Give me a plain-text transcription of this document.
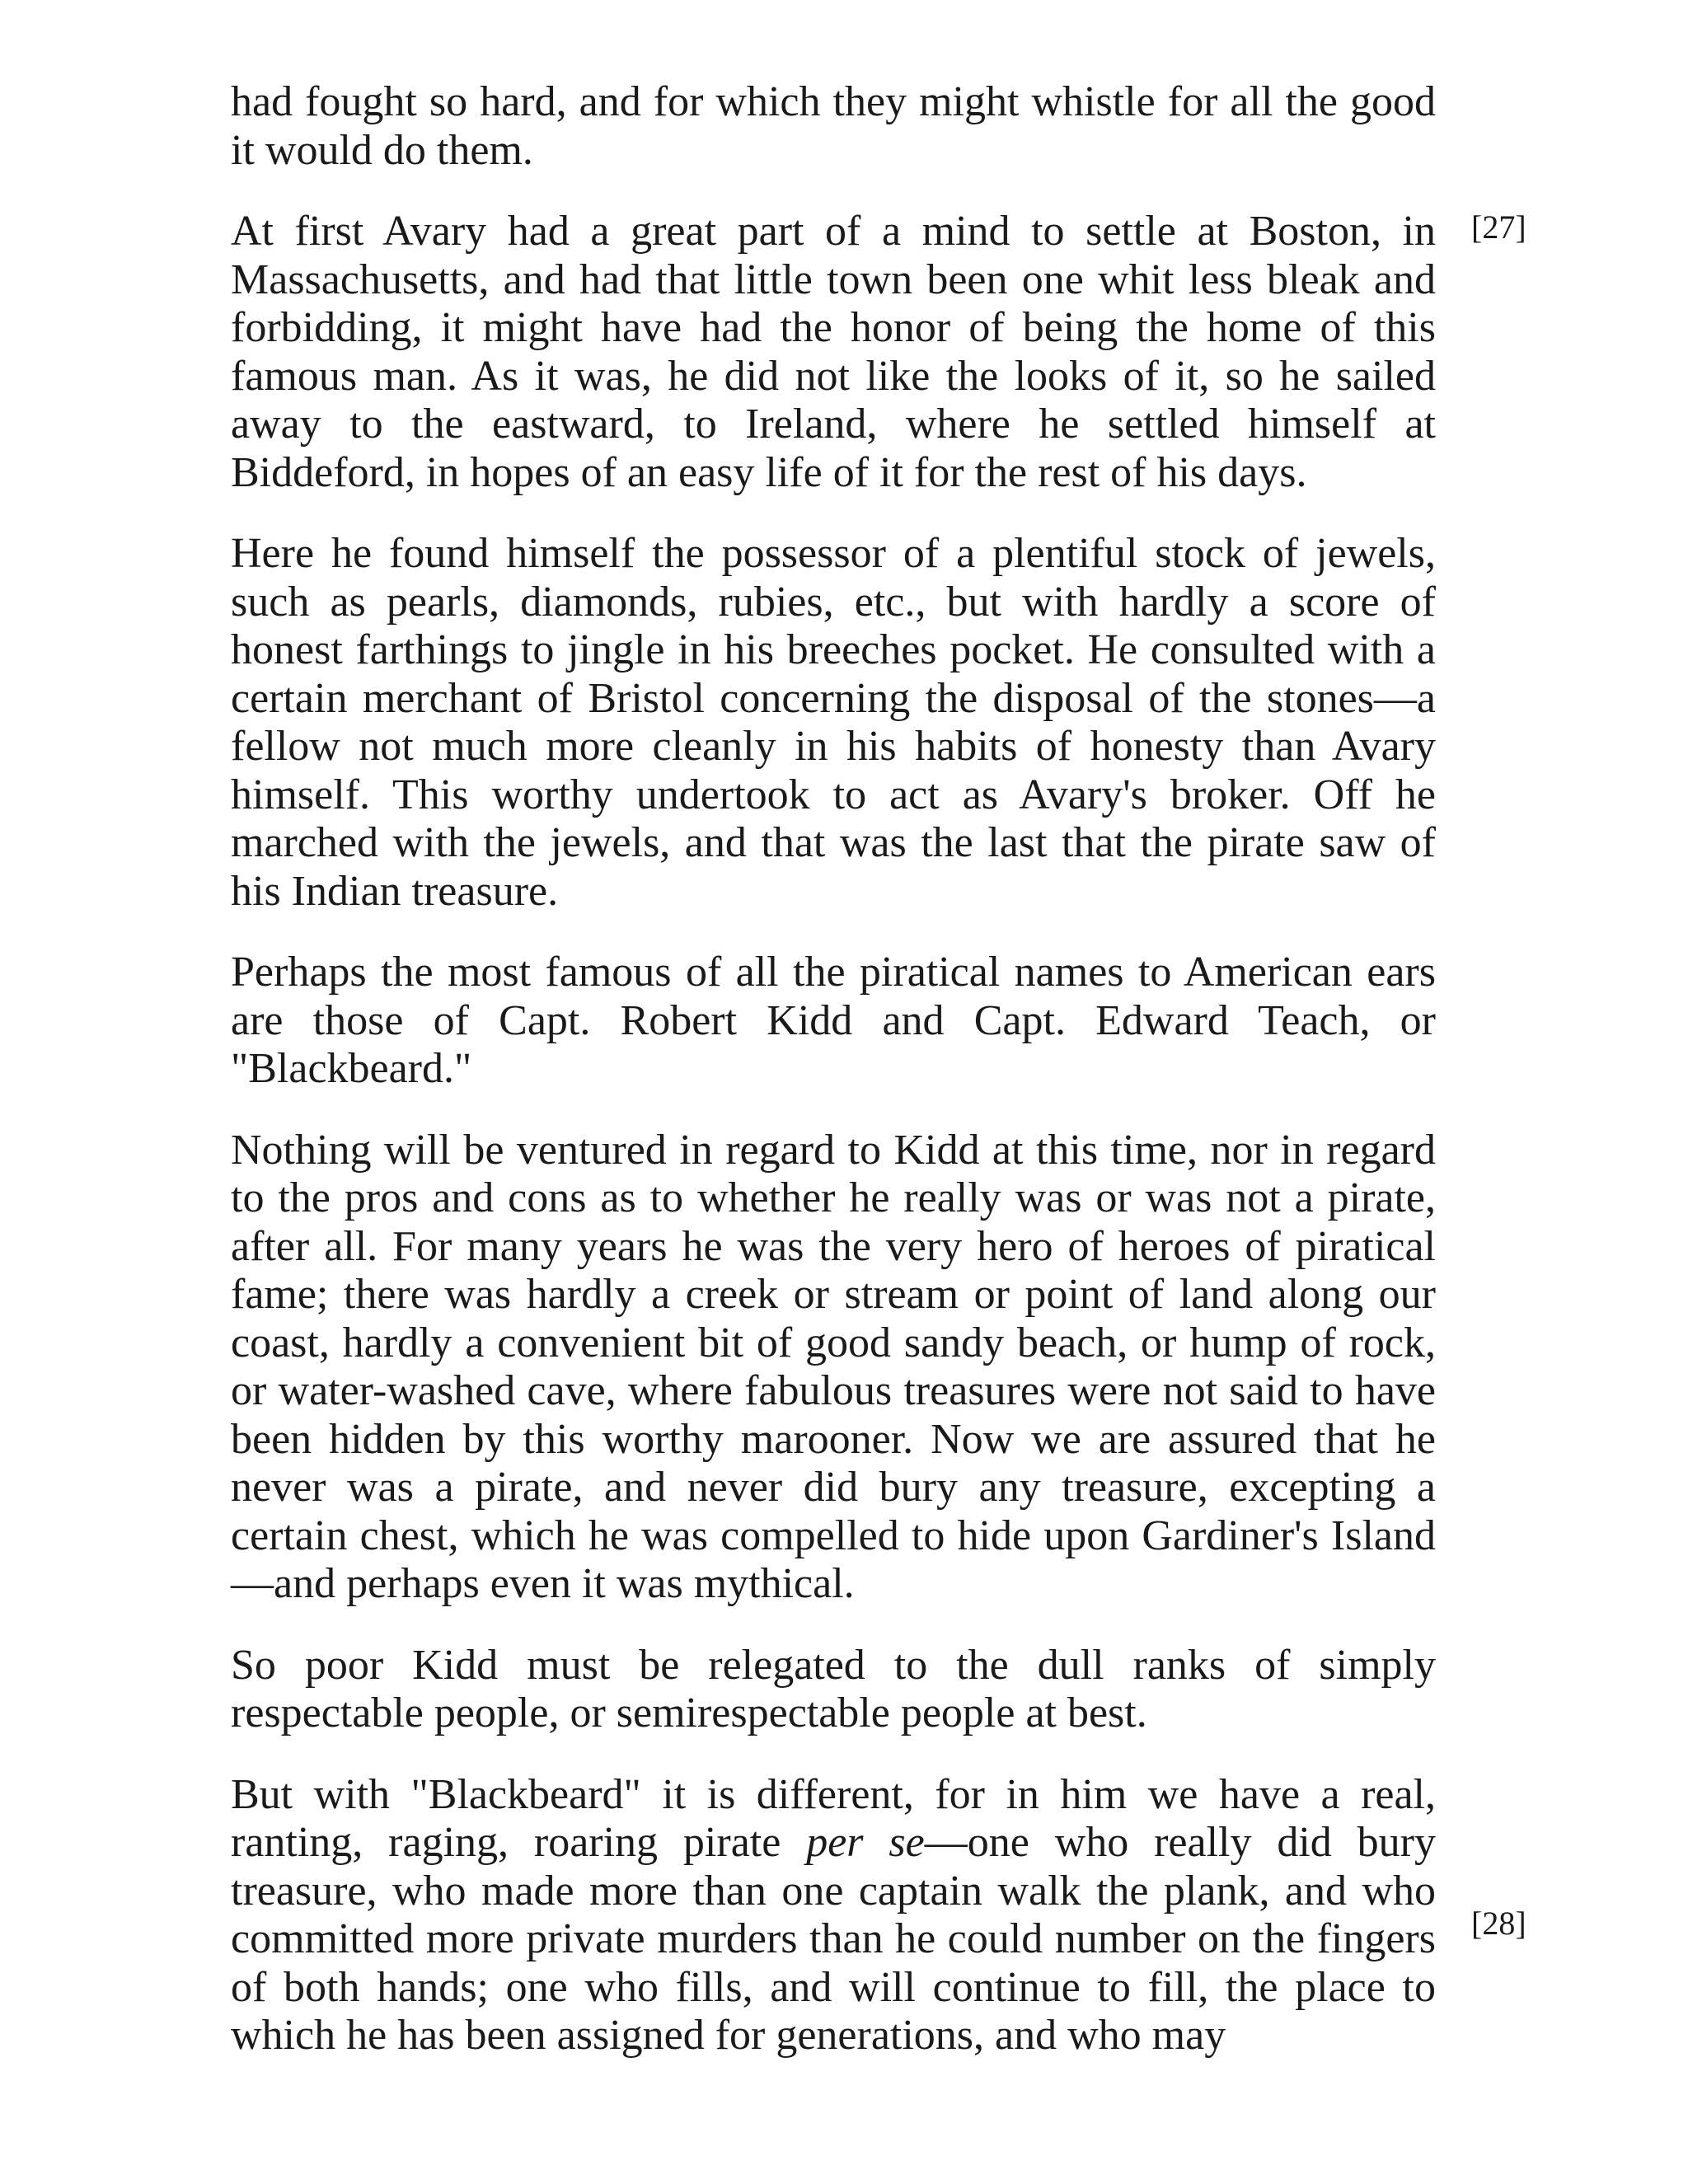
had fought so hard, and for which they might whistle for all the good it would do them.

At first Avary had a great part of a mind to settle at Boston, in Massachusetts, and had that little town been one whit less bleak and forbidding, it might have had the honor of being the home of this famous man. As it was, he did not like the looks of it, so he sailed away to the eastward, to Ireland, where he settled himself at Biddeford, in hopes of an easy life of it for the rest of his days.

Here he found himself the possessor of a plentiful stock of jewels, such as pearls, diamonds, rubies, etc., but with hardly a score of honest farthings to jingle in his breeches pocket. He consulted with a certain merchant of Bristol concerning the disposal of the stones—a fellow not much more cleanly in his habits of honesty than Avary himself. This worthy undertook to act as Avary's broker. Off he marched with the jewels, and that was the last that the pirate saw of his Indian treasure.

Perhaps the most famous of all the piratical names to American ears are those of Capt. Robert Kidd and Capt. Edward Teach, or "Blackbeard."

Nothing will be ventured in regard to Kidd at this time, nor in regard to the pros and cons as to whether he really was or was not a pirate, after all. For many years he was the very hero of heroes of piratical fame; there was hardly a creek or stream or point of land along our coast, hardly a convenient bit of good sandy beach, or hump of rock, or water-washed cave, where fabulous treasures were not said to have been hidden by this worthy marooner. Now we are assured that he never was a pirate, and never did bury any treasure, excepting a certain chest, which he was compelled to hide upon Gardiner's Island —and perhaps even it was mythical.

So poor Kidd must be relegated to the dull ranks of simply respectable people, or semirespectable people at best.

But with "Blackbeard" it is different, for in him we have a real, ranting, raging, roaring pirate per se—one who really did bury treasure, who made more than one captain walk the plank, and who committed more private murders than he could number on the fingers of both hands; one who fills, and will continue to fill, the place to which he has been assigned for generations, and who may

[27]
[28]
